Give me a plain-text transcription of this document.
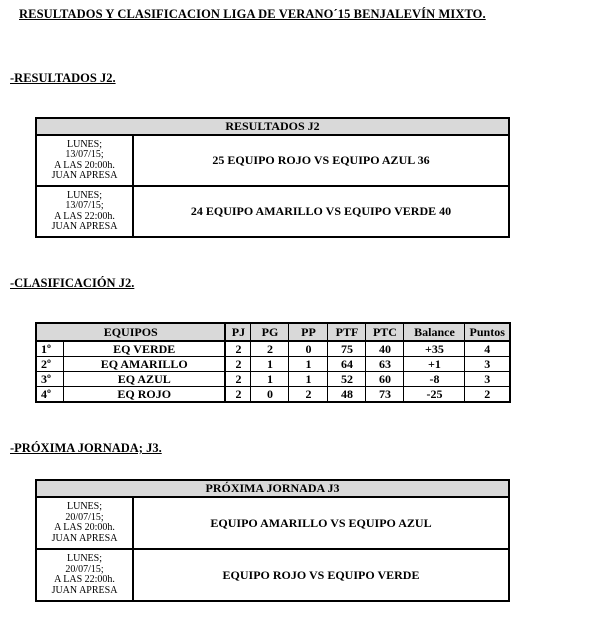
RESULTADOS Y CLASIFICACION LIGA DE VERANO´15 BENJALEVÍN MIXTO.
-RESULTADOS J2.
RESULTADOS J2	

LUNES;
13/07/15;
A LAS 20:00h.
JUAN APRESA	25 EQUIPO ROJO VS EQUIPO AZUL 36

LUNES;
13/07/15;
A LAS 22:00h.
JUAN APRESA	24 EQUIPO AMARILLO VS EQUIPO VERDE 40
-CLASIFICACIÓN J2.
EQUIPOS		PJ	PG	PP	PTF	PTC	Balance	Puntos
1º	EQ VERDE	2	2	0	75	40	+35	4
2º	EQ AMARILLO	2	1	1	64	63	+1	3
3º	EQ AZUL	2	1	1	52	60	-8	3
4º	EQ ROJO	2	0	2	48	73	-25	2
-PRÓXIMA JORNADA; J3.
PRÓXIMA JORNADA J3	

LUNES;
20/07/15;
A LAS 20:00h.
JUAN APRESA	EQUIPO AMARILLO VS EQUIPO AZUL

LUNES;
20/07/15;
A LAS 22:00h.
JUAN APRESA	EQUIPO ROJO VS EQUIPO VERDE
